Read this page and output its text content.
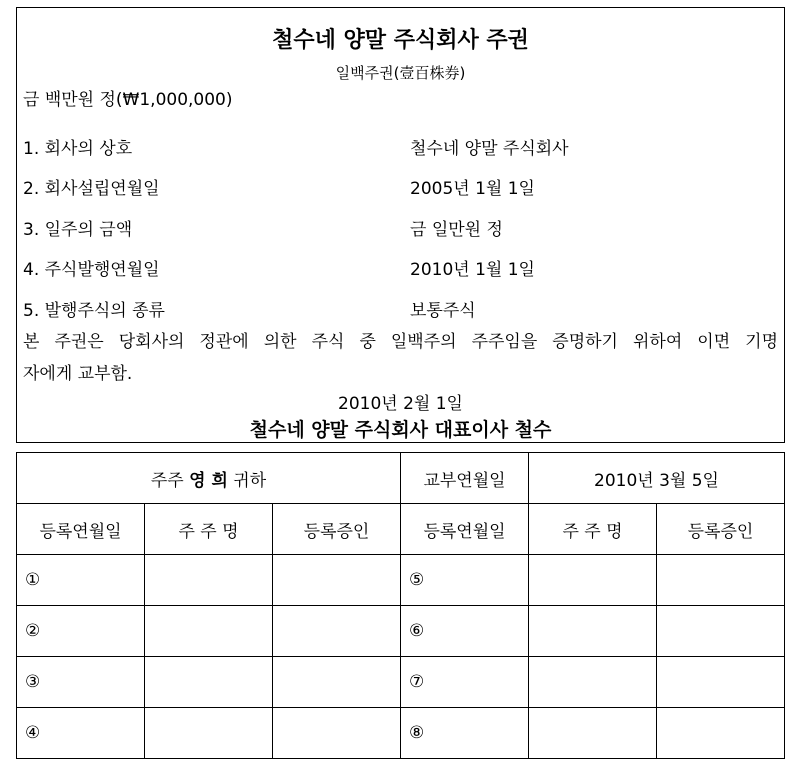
철수네 양말 주식회사 주권
일백주권(壹百株券)
금 백만원 정(₩1,000,000)
1. 회사의 상호	철수네 양말 주식회사
2. 회사설립연월일	2005년 1월 1일
3. 일주의 금액	금 일만원 정
4. 주식발행연월일	2010년 1월 1일
5. 발행주식의 종류	보통주식
본 주권은 당회사의 정관에 의한 주식 중 일백주의 주주임을 증명하기 위하여 이면 기명
자에게 교부함.
2010년 2월 1일
철수네 양말 주식회사 대표이사 철수
주주 영 희 귀하			교부연월일	2010년 3월 5일	
등록연월일	주 주 명	등록증인	등록연월일	주 주 명	등록증인
①			⑤		
②			⑥		
③			⑦		
④			⑧		
